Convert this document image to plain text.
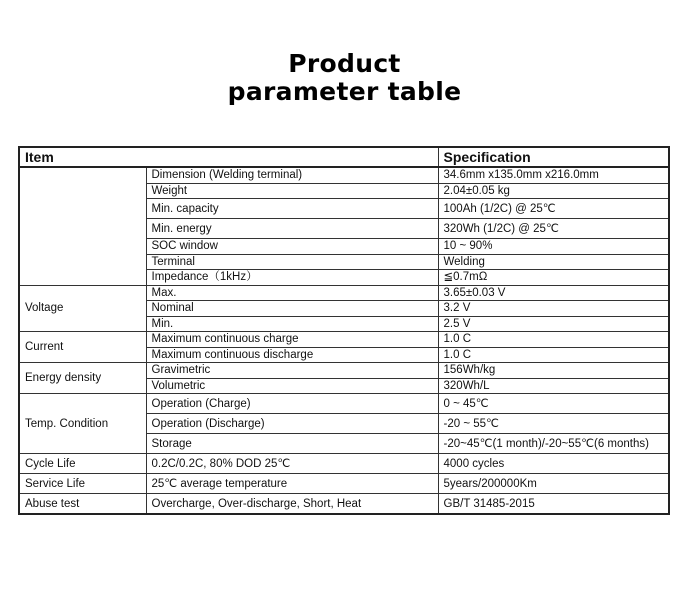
Product
parameter table
Item		Specification
	Dimension (Welding terminal)	34.6mm x135.0mm x216.0mm
	Weight	2.04±0.05 kg
	Min. capacity	100Ah (1/2C) @ 25℃
	Min. energy	320Wh (1/2C) @ 25℃
	SOC window	10 ~ 90%
	Terminal	Welding
	Impedance（1kHz）	≦0.7mΩ
Voltage	Max.	3.65±0.03 V
	Nominal	3.2 V
	Min.	2.5 V
Current	Maximum continuous charge	1.0 C
	Maximum continuous discharge	1.0 C
Energy density	Gravimetric	156Wh/kg
	Volumetric	320Wh/L
Temp. Condition	Operation (Charge)	0 ~ 45℃
	Operation (Discharge)	-20 ~ 55℃
	Storage	-20~45℃(1 month)/-20~55℃(6 months)
Cycle Life	0.2C/0.2C, 80% DOD 25℃	4000 cycles
Service Life	25℃ average temperature	5years/200000Km
Abuse test	Overcharge, Over-discharge, Short, Heat	GB/T 31485-2015
